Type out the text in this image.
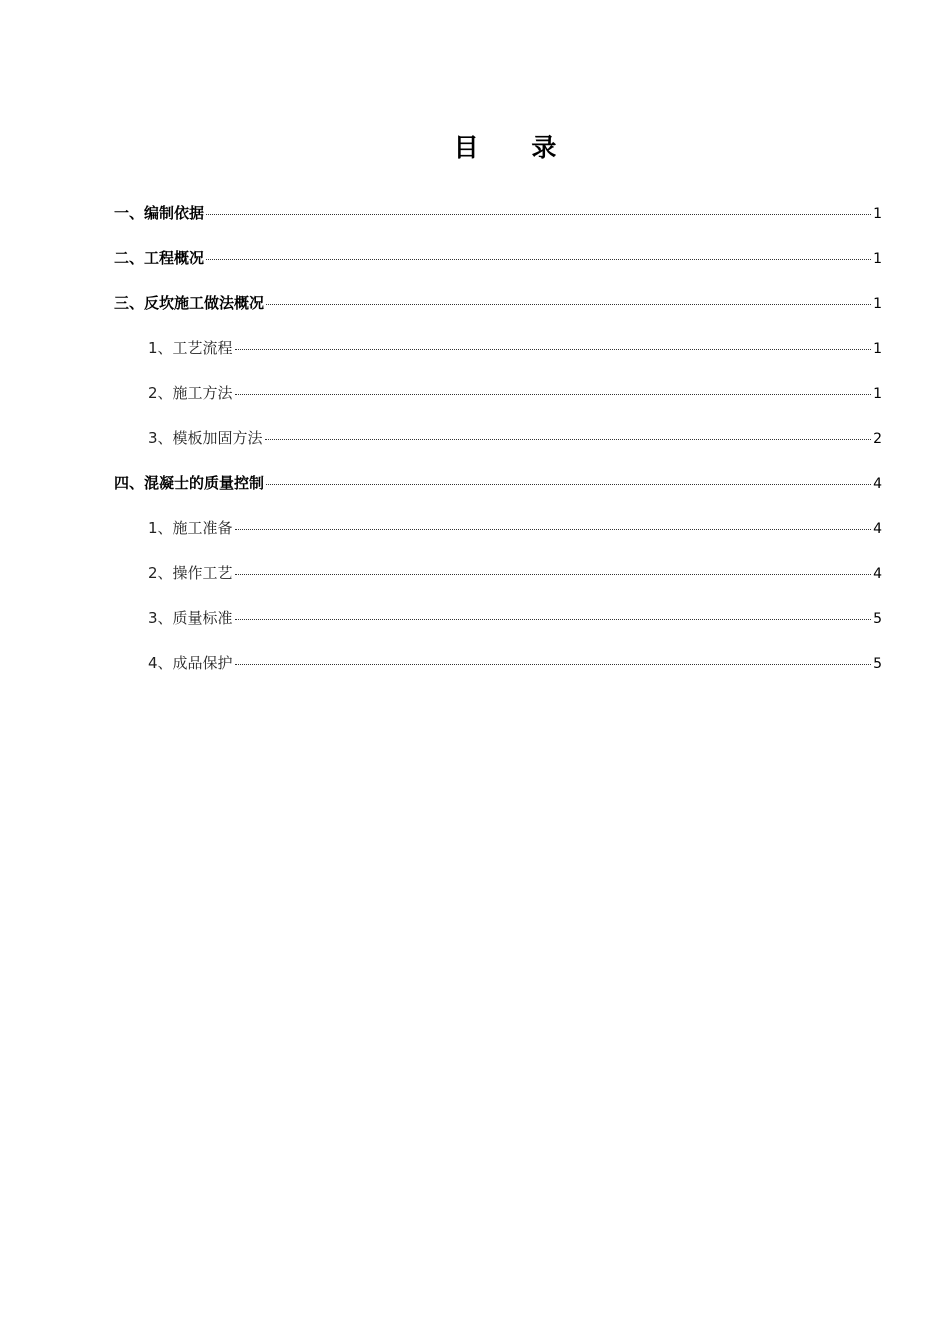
目 录
一、编制依据	1
二、工程概况	1
三、反坎施工做法概况	1
1、工艺流程	1
2、施工方法	1
3、模板加固方法	2
四、混凝士的质量控制	4
1、施工准备	4
2、操作工艺	4
3、质量标准	5
4、成品保护	5
